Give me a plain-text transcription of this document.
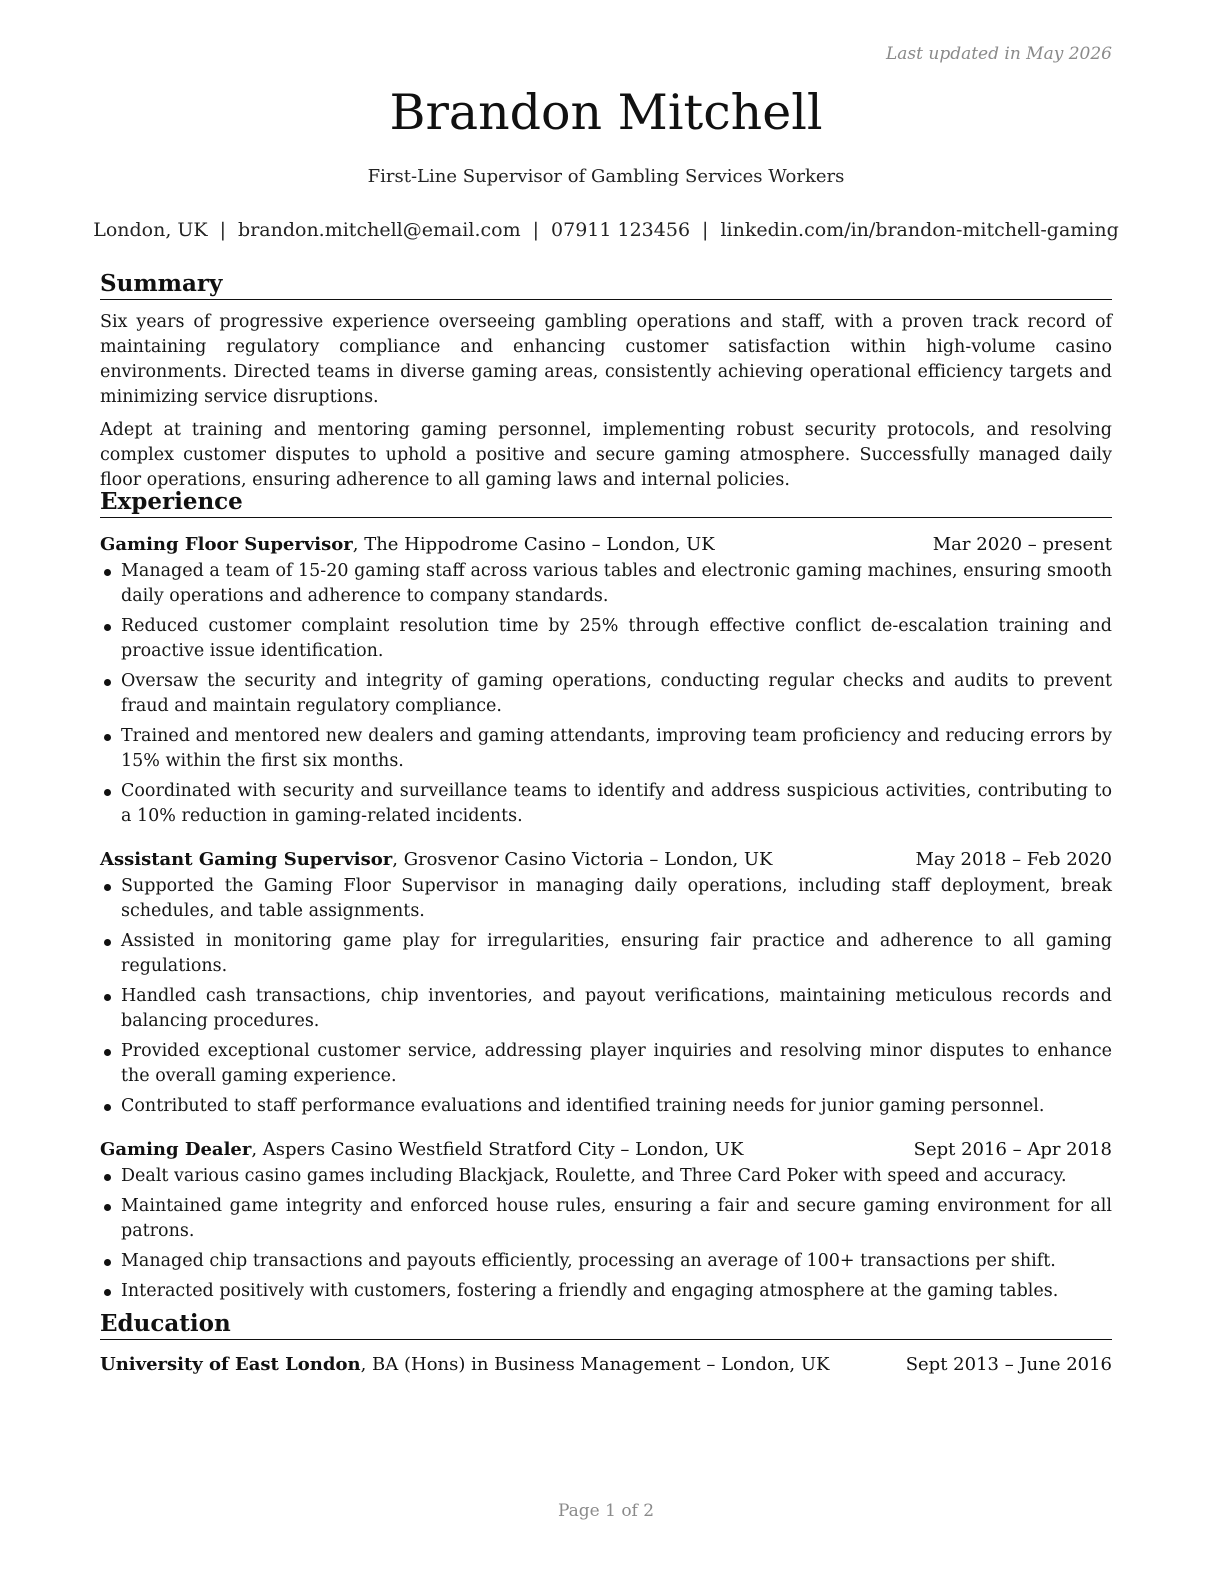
Last updated in May 2026
Brandon Mitchell
First-Line Supervisor of Gambling Services Workers
London, UK | brandon.mitchell@email.com | 07911 123456 | linkedin.com/in/brandon-mitchell-gaming
Summary

Six years of progressive experience overseeing gambling operations and staff, with a proven track record of maintaining regulatory compliance and enhancing customer satisfaction within high-volume casino environments. Directed teams in diverse gaming areas, consistently achieving operational efficiency targets and minimizing service disruptions.

Adept at training and mentoring gaming personnel, implementing robust security protocols, and resolving complex customer disputes to uphold a positive and secure gaming atmosphere. Successfully managed daily floor operations, ensuring adherence to all gaming laws and internal policies.

Experience
Gaming Floor Supervisor, The Hippodrome Casino – London, UK	Mar 2020 – present
Managed a team of 15-20 gaming staff across various tables and electronic gaming machines, ensuring smooth daily operations and adherence to company standards.
Reduced customer complaint resolution time by 25% through effective conflict de-escalation training and proactive issue identification.
Oversaw the security and integrity of gaming operations, conducting regular checks and audits to prevent fraud and maintain regulatory compliance.
Trained and mentored new dealers and gaming attendants, improving team proficiency and reducing errors by 15% within the first six months.
Coordinated with security and surveillance teams to identify and address suspicious activities, contributing to a 10% reduction in gaming-related incidents.
Assistant Gaming Supervisor, Grosvenor Casino Victoria – London, UK	May 2018 – Feb 2020
Supported the Gaming Floor Supervisor in managing daily operations, including staff deployment, break schedules, and table assignments.
Assisted in monitoring game play for irregularities, ensuring fair practice and adherence to all gaming regulations.
Handled cash transactions, chip inventories, and payout verifications, maintaining meticulous records and balancing procedures.
Provided exceptional customer service, addressing player inquiries and resolving minor disputes to enhance the overall gaming experience.
Contributed to staff performance evaluations and identified training needs for junior gaming personnel.
Gaming Dealer, Aspers Casino Westfield Stratford City – London, UK	Sept 2016 – Apr 2018
Dealt various casino games including Blackjack, Roulette, and Three Card Poker with speed and accuracy.
Maintained game integrity and enforced house rules, ensuring a fair and secure gaming environment for all patrons.
Managed chip transactions and payouts efficiently, processing an average of 100+ transactions per shift.
Interacted positively with customers, fostering a friendly and engaging atmosphere at the gaming tables.
Education
University of East London, BA (Hons) in Business Management – London, UK	Sept 2013 – June 2016
Page 1 of 2
